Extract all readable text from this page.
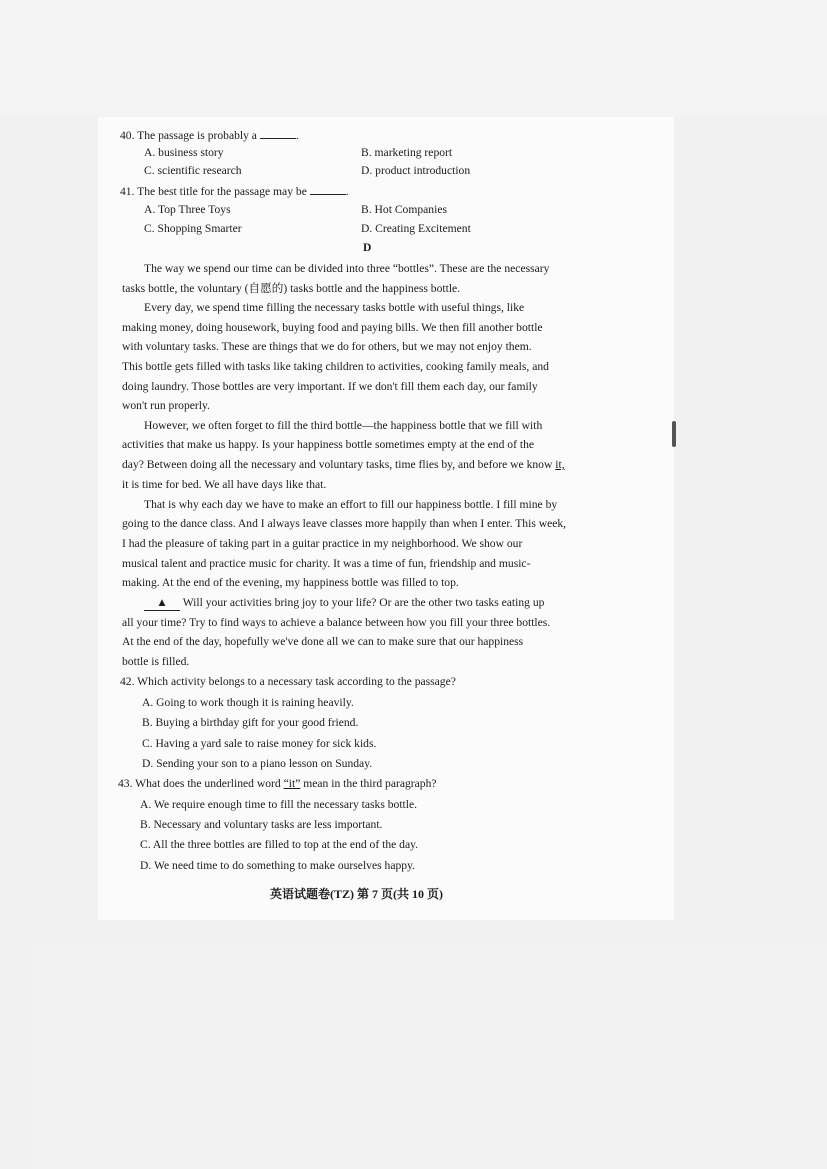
40. The passage is probably a	.
A. business story	B. marketing report
C. scientific research	D. product introduction
41. The best title for the passage may be	.
A. Top Three Toys	B. Hot Companies
C. Shopping Smarter	D. Creating Excitement
D
The way we spend our time can be divided into three “bottles”. These are the necessary
tasks bottle, the voluntary (自愿的) tasks bottle and the happiness bottle.
Every day, we spend time filling the necessary tasks bottle with useful things, like
making money, doing housework, buying food and paying bills. We then fill another bottle
with voluntary tasks. These are things that we do for others, but we may not enjoy them.
This bottle gets filled with tasks like taking children to activities, cooking family meals, and
doing laundry. Those bottles are very important. If we don't fill them each day, our family
won't run properly.
However, we often forget to fill the third bottle—the happiness bottle that we fill with
activities that make us happy. Is your happiness bottle sometimes empty at the end of the
day? Between doing all the necessary and voluntary tasks, time flies by, and before we know it,
it is time for bed. We all have days like that.
That is why each day we have to make an effort to fill our happiness bottle. I fill mine by
going to the dance class. And I always leave classes more happily than when I enter. This week,
I had the pleasure of taking part in a guitar practice in my neighborhood. We show our
musical talent and practice music for charity. It was a time of fun, friendship and music-
making. At the end of the evening, my happiness bottle was filled to top.
▲ Will your activities bring joy to your life? Or are the other two tasks eating up
all your time? Try to find ways to achieve a balance between how you fill your three bottles.
At the end of the day, hopefully we've done all we can to make sure that our happiness
bottle is filled.
42. Which activity belongs to a necessary task according to the passage?
A. Going to work though it is raining heavily.
B. Buying a birthday gift for your good friend.
C. Having a yard sale to raise money for sick kids.
D. Sending your son to a piano lesson on Sunday.
43. What does the underlined word “it” mean in the third paragraph?
A. We require enough time to fill the necessary tasks bottle.
B. Necessary and voluntary tasks are less important.
C. All the three bottles are filled to top at the end of the day.
D. We need time to do something to make ourselves happy.
英语试题卷(TZ) 第 7 页(共 10 页)
